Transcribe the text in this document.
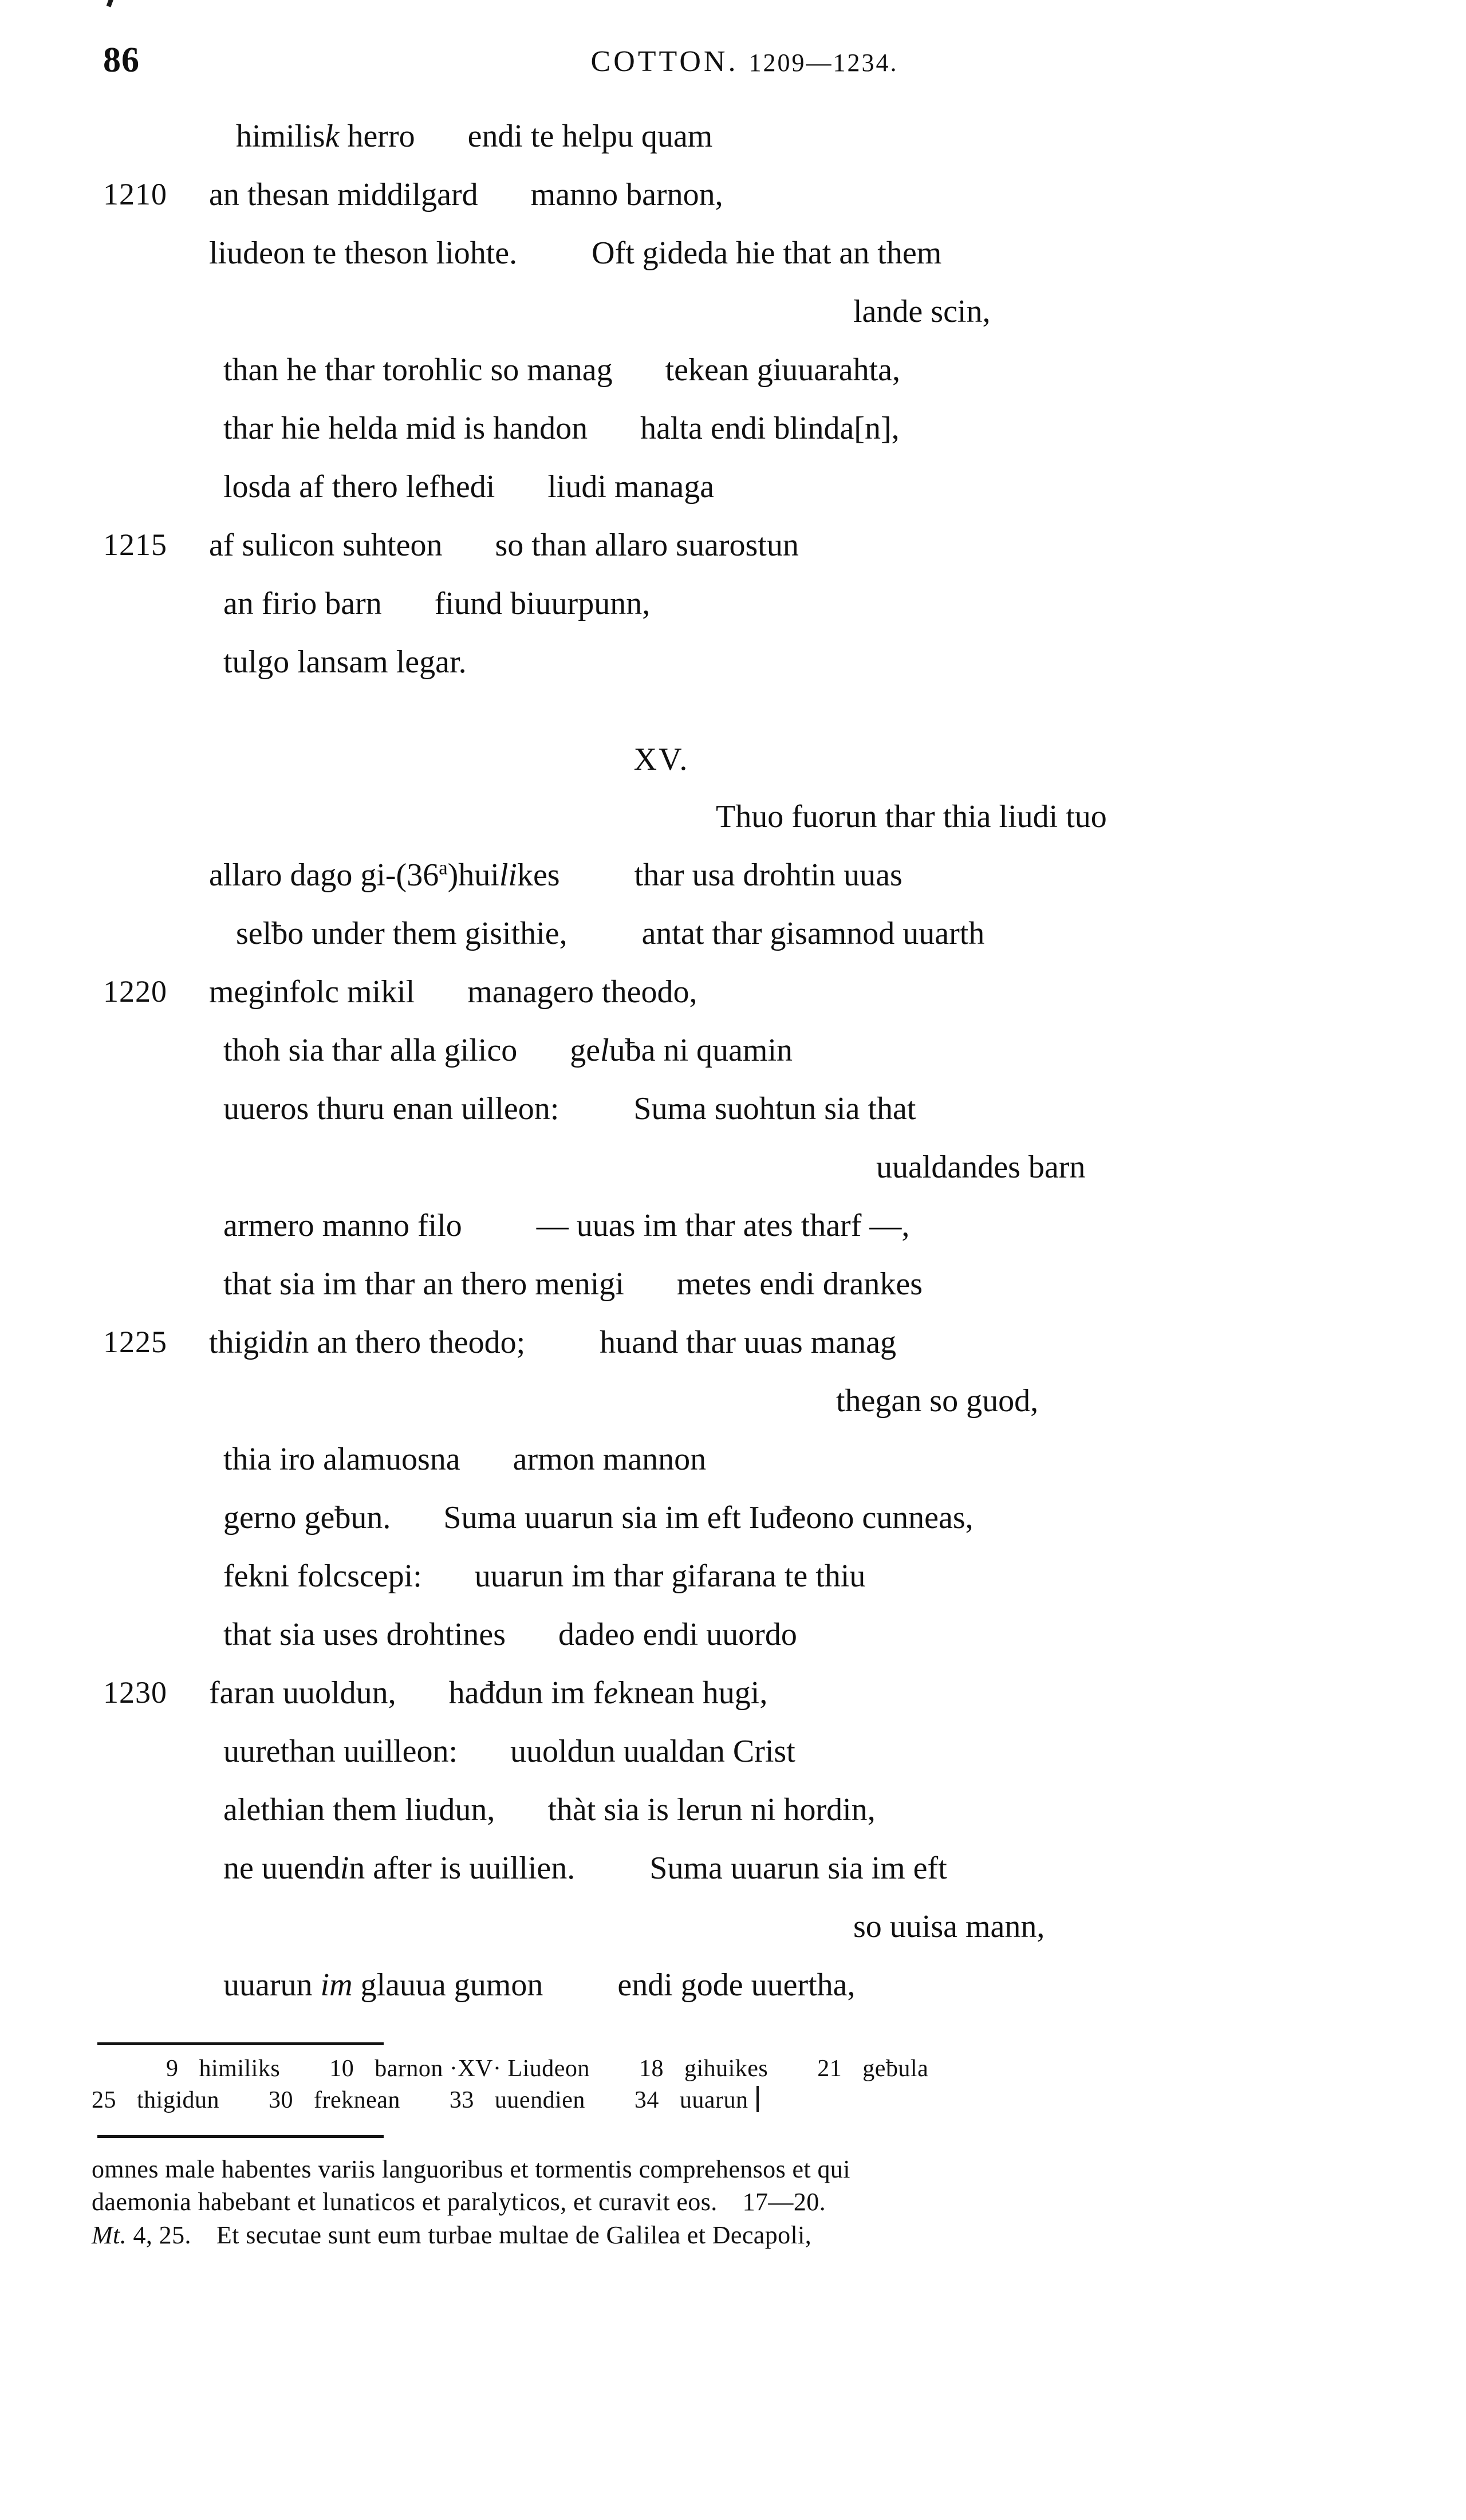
86	COTTON. 1209—1234.
himilisk herro endi te helpu quam
1210	an thesan middilgard manno barnon,
liudeon te theson liohte. Oft gideda hie that an them
lande scin,
than he thar torohlic so manag tekean giuuarahta,
thar hie helda mid is handon halta endi blinda[n],
losda af thero lefhedi liudi managa
1215	af sulicon suhteon so than allaro suarostun
an firio barn fiund biuurpunn,
tulgo lansam legar.
XV.
Thuo fuorun thar thia liudi tuo
allaro dago gi-(36$^a$)huilikes thar usa drohtin uuas
selƀo under them gisithie, antat thar gisamnod uuarth
1220	meginfolc mikil managero theodo,
thoh sia thar alla gilico geluƀa ni quamin
uueros thuru enan uilleon: Suma suohtun sia that
uualdandes barn
armero manno filo — uuas im thar ates tharf —,
that sia im thar an thero menigi metes endi drankes
1225	thigidin an thero theodo; huand thar uuas manag
thegan so guod,
thia iro alamuosna armon mannon
gerno geƀun. Suma uuarun sia im eft Iuđeono cunneas,
fekni folcscepi: uuarun im thar gifarana te thiu
that sia uses drohtines dadeo endi uuordo
1230	faran uuoldun, hađdun im feknean hugi,
uurethan uuilleon: uuoldun uualdan Crist
alethian them liudun, thàt sia is lerun ni hordin,
ne uuendin after is uuillien. Suma uuarun sia im eft
so uuisa mann,
uuarun im glauua gumon endi gode uuertha,
9 himiliks 10 barnon ·XV· Liudeon 18 gihuikes 21 geƀula
25 thigidun 30 freknean 33 uuendien 34 uuarun
omnes male habentes variis languoribus et tormentis comprehensos et qui
daemonia habebant et lunaticos et paralyticos, et curavit eos. 17—20.
Mt. 4, 25. Et secutae sunt eum turbae multae de Galilea et Decapoli,
